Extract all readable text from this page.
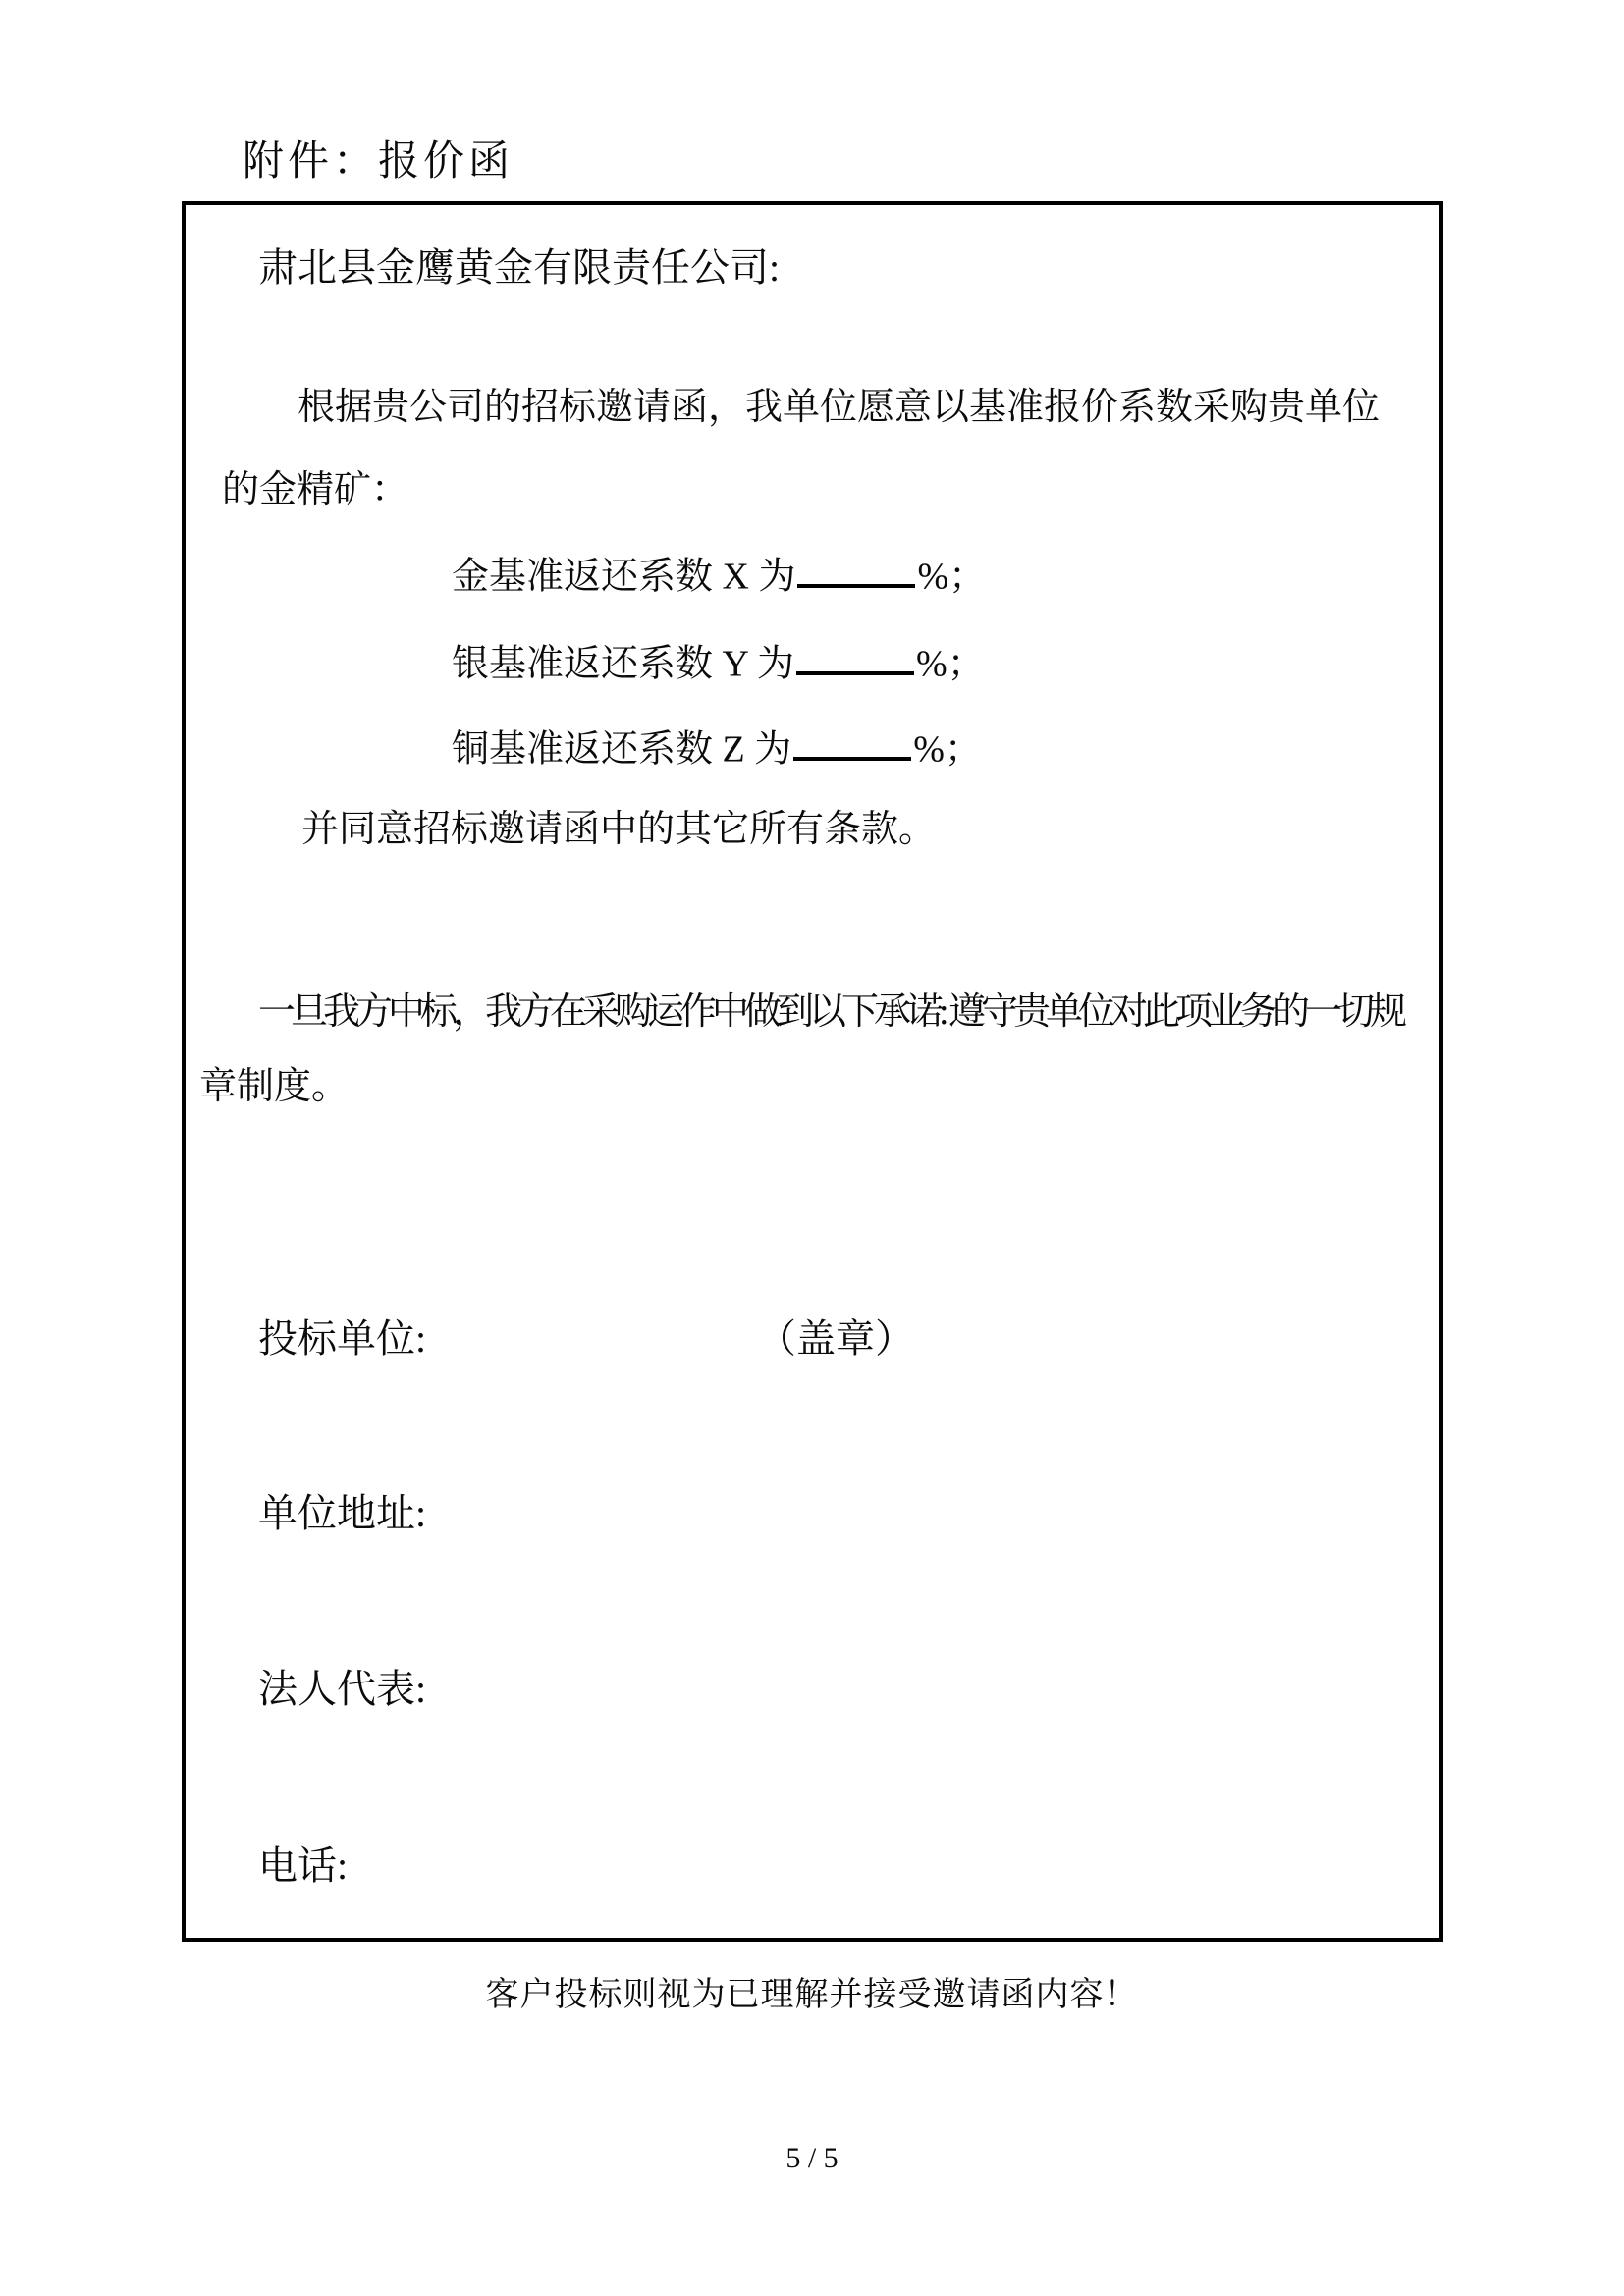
附件：报价函
肃北县金鹰黄金有限责任公司:
根据贵公司的招标邀请函，我单位愿意以基准报价系数采购贵单位
的金精矿：
金基准返还系数 X 为	%；
银基准返还系数 Y 为	%；
铜基准返还系数 Z 为	%；
并同意招标邀请函中的其它所有条款。
一旦我方中标，我方在采购运作中做到以下承诺: 遵守贵单位对此项业务的一切规
章制度。
投标单位:	（盖章）
单位地址:
法人代表:
电话:
客户投标则视为已理解并接受邀请函内容！
5 / 5
